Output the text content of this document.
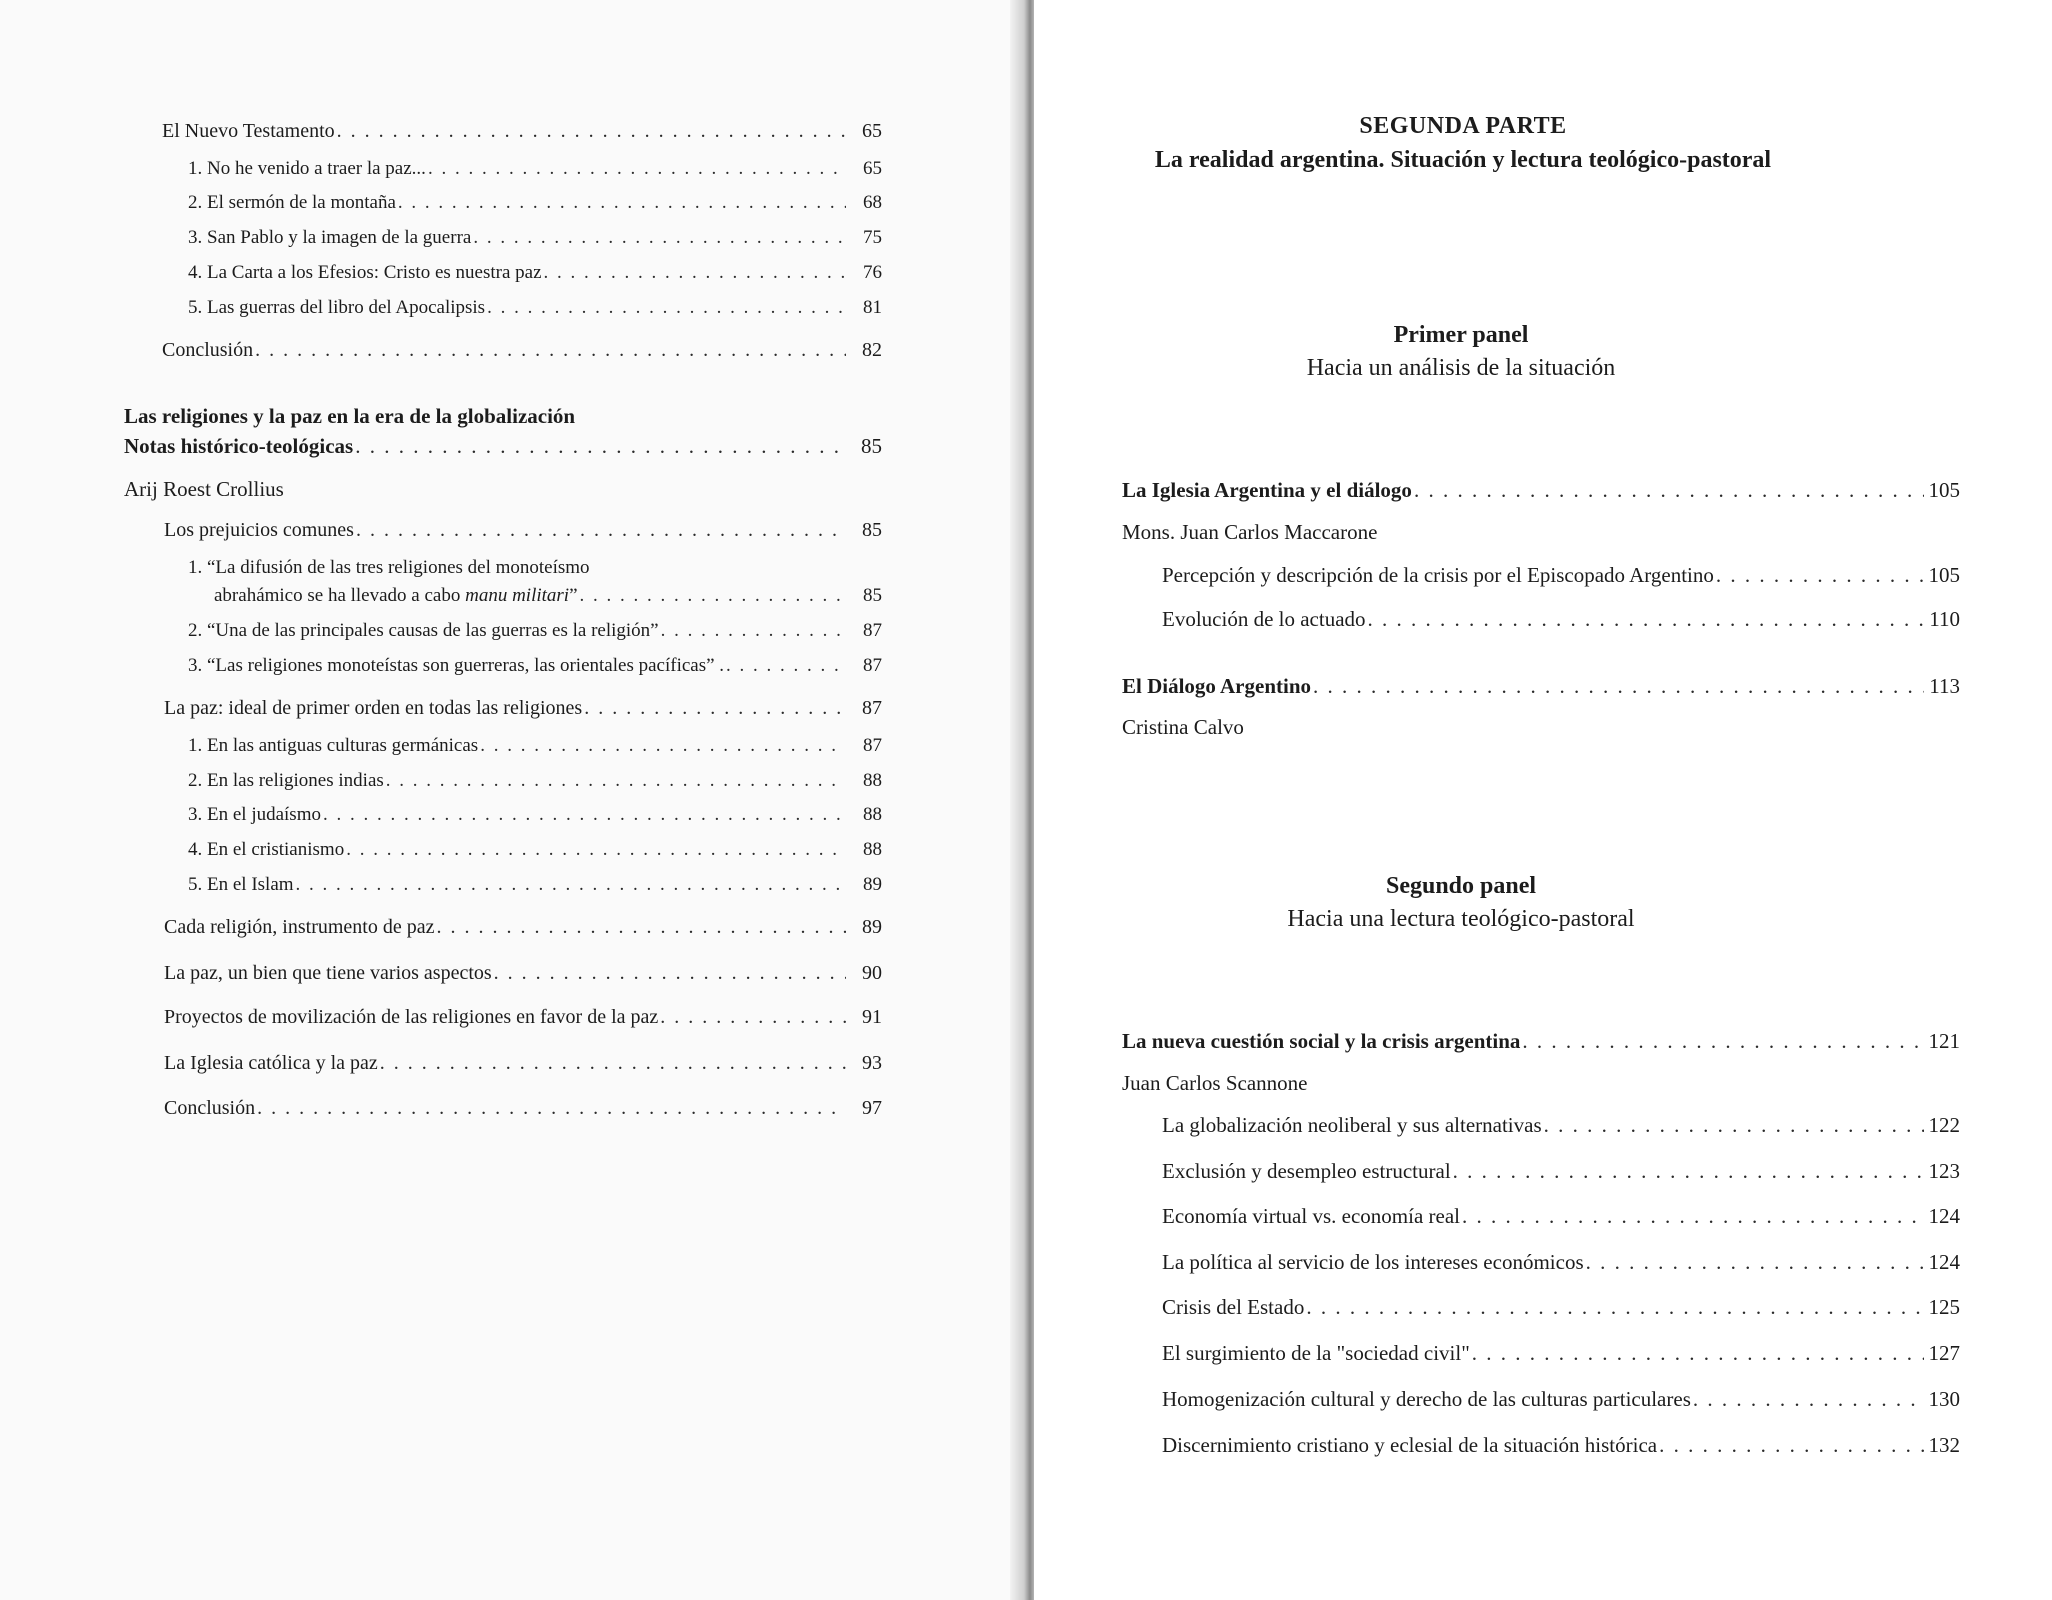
El Nuevo Testamento . . .	65
1. No he venido a traer la paz... . . .	65
2. El sermón de la montaña . . .	68
3. San Pablo y la imagen de la guerra . . .	75
4. La Carta a los Efesios: Cristo es nuestra paz . . .	76
5. Las guerras del libro del Apocalipsis . . .	81
Conclusión . . .	82
Las religiones y la paz en la era de la globalización
Notas histórico-teológicas . . .	85
Arij Roest Crollius
Los prejuicios comunes . . .	85
1. “La difusión de las tres religiones del monoteísmo
abrahámico se ha llevado a cabo manu militari” . . .	85
2. “Una de las principales causas de las guerras es la religión” . . .	87
3. “Las religiones monoteístas son guerreras, las orientales pacíficas” . . . .	87
La paz: ideal de primer orden en todas las religiones . . .	87
1. En las antiguas culturas germánicas . . .	87
2. En las religiones indias . . .	88
3. En el judaísmo . . .	88
4. En el cristianismo . . .	88
5. En el Islam . . .	89
Cada religión, instrumento de paz . . .	89
La paz, un bien que tiene varios aspectos . . .	90
Proyectos de movilización de las religiones en favor de la paz . . .	91
La Iglesia católica y la paz . . .	93
Conclusión . . .	97
SEGUNDA PARTE
La realidad argentina. Situación y lectura teológico-pastoral
Primer panel
Hacia un análisis de la situación
La Iglesia Argentina y el diálogo . . .	105
Mons. Juan Carlos Maccarone
Percepción y descripción de la crisis por el Episcopado Argentino . . .	105
Evolución de lo actuado . . .	110
El Diálogo Argentino . . .	113
Cristina Calvo
Segundo panel
Hacia una lectura teológico-pastoral
La nueva cuestión social y la crisis argentina . . .	121
Juan Carlos Scannone
La globalización neoliberal y sus alternativas . . .	122
Exclusión y desempleo estructural . . .	123
Economía virtual vs. economía real . . .	124
La política al servicio de los intereses económicos . . .	124
Crisis del Estado . . .	125
El surgimiento de la "sociedad civil" . . .	127
Homogenización cultural y derecho de las culturas particulares . . .	130
Discernimiento cristiano y eclesial de la situación histórica . . .	132
